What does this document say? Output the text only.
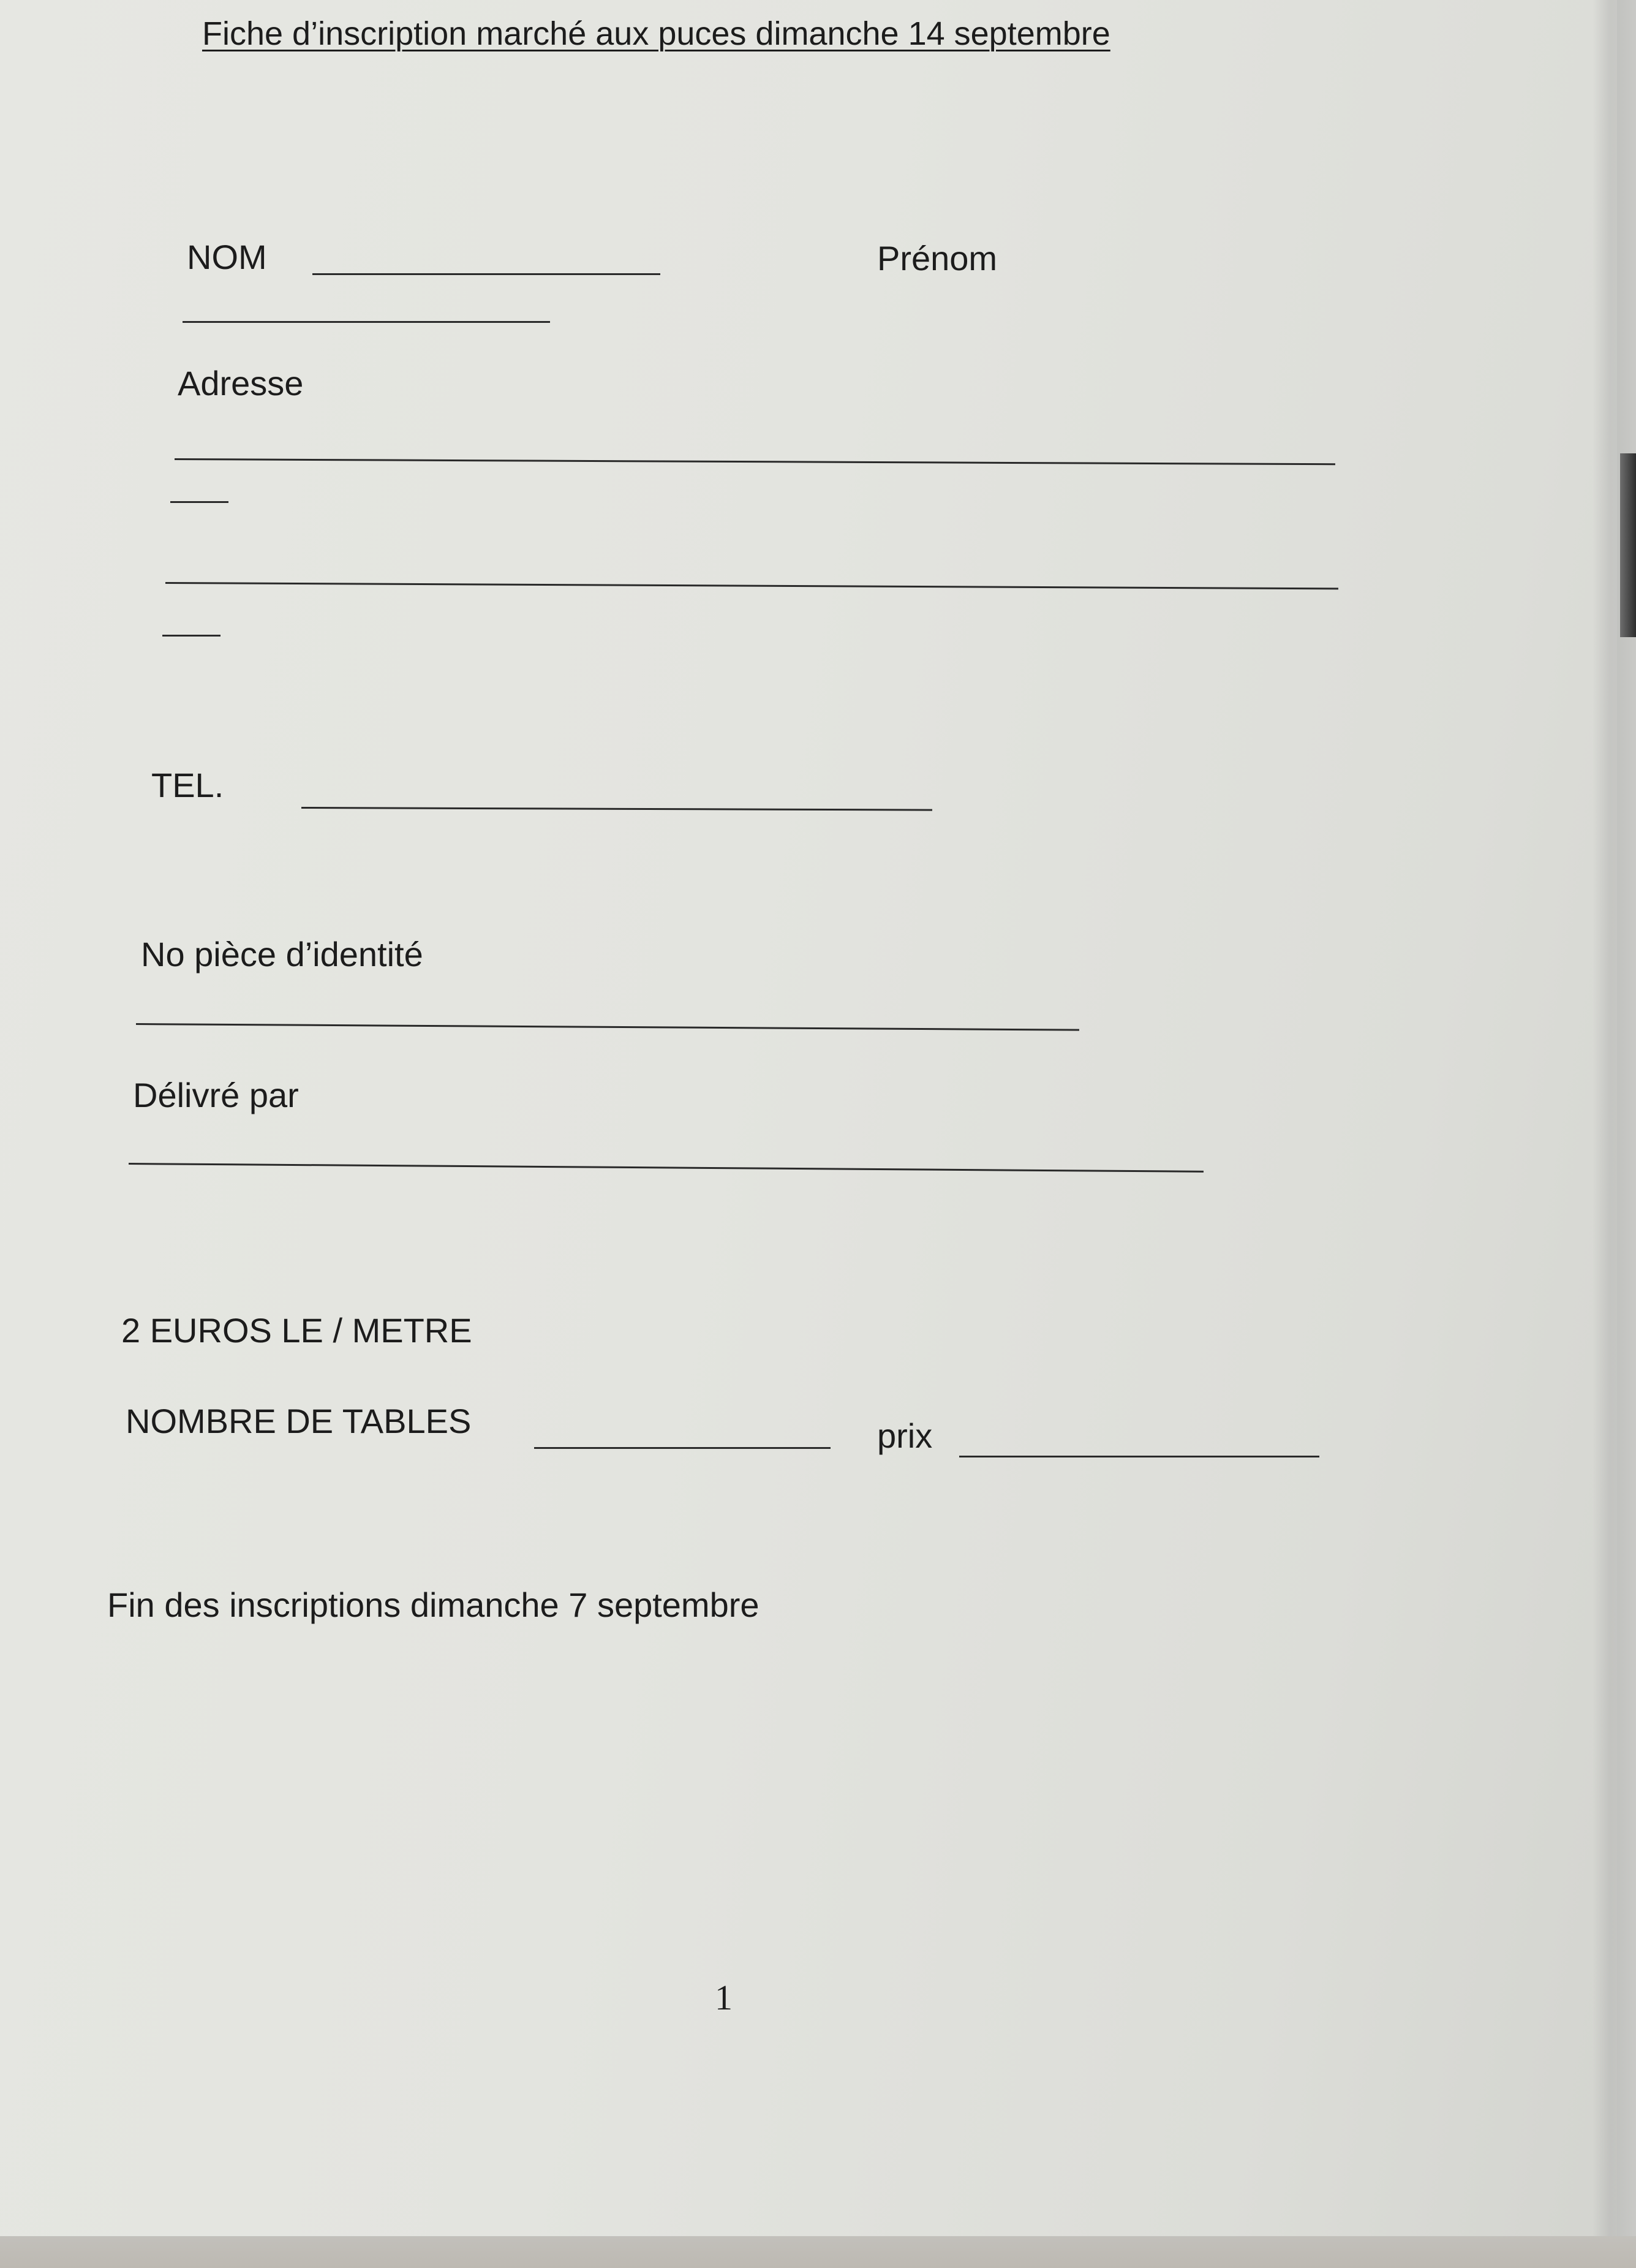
Fiche d’inscription marché aux puces dimanche 14 septembre
NOM	Prénom
Adresse
TEL.
No pièce d’identité
Délivré par
2 EUROS LE / METRE
NOMBRE DE TABLES	prix
Fin des inscriptions dimanche 7 septembre
1
